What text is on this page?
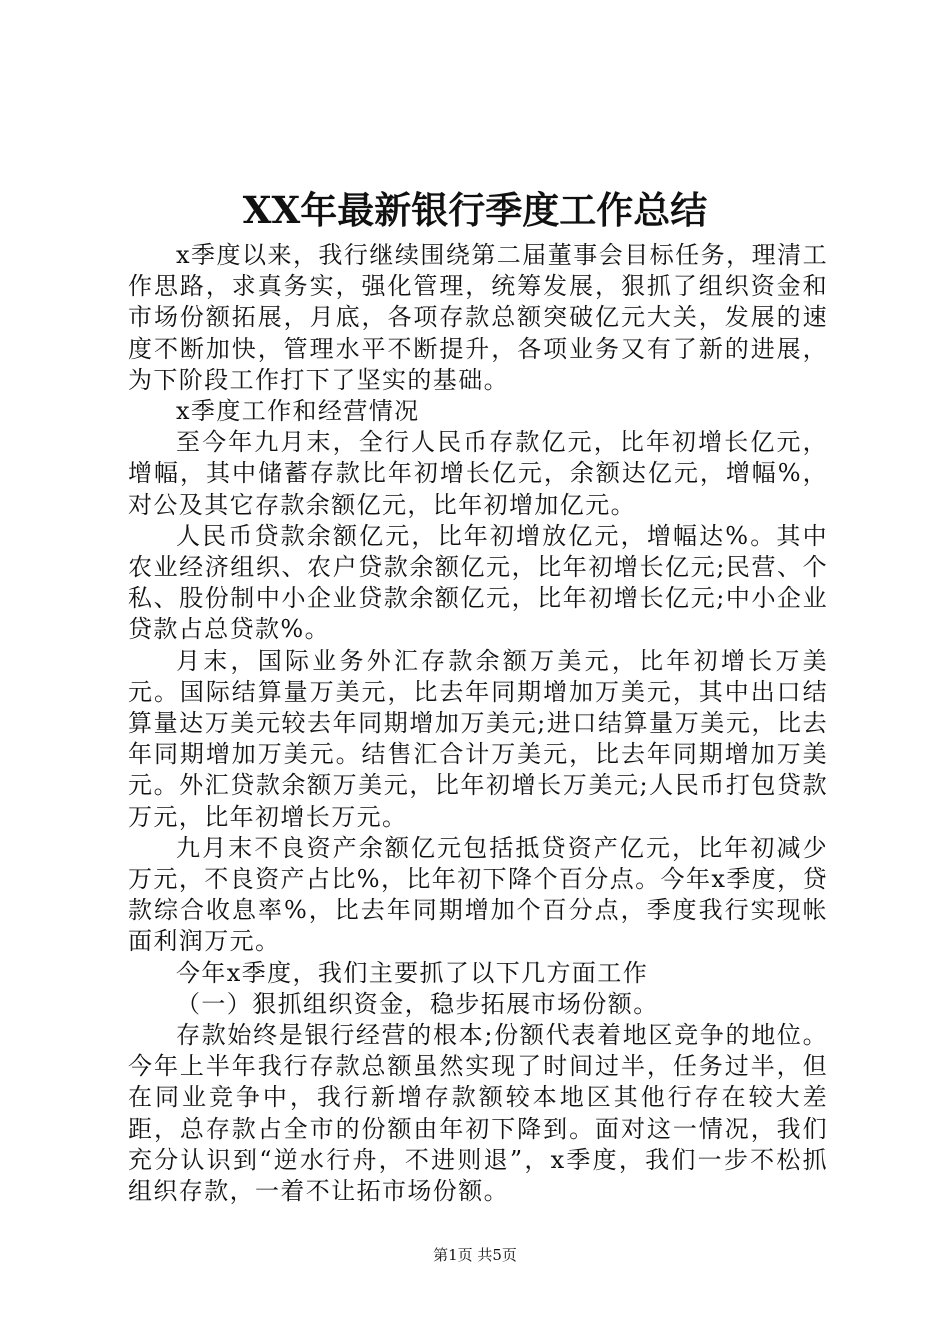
XX年最新银行季度工作总结

x季度以来，我行继续围绕第二届董事会目标任务，理清工作思路，求真务实，强化管理，统筹发展，狠抓了组织资金和市场份额拓展，月底，各项存款总额突破亿元大关，发展的速度不断加快，管理水平不断提升，各项业务又有了新的进展，为下阶段工作打下了坚实的基础。

x季度工作和经营情况

至今年九月末，全行人民币存款亿元，比年初增长亿元，增幅，其中储蓄存款比年初增长亿元，余额达亿元，增幅%，对公及其它存款余额亿元，比年初增加亿元。

人民币贷款余额亿元，比年初增放亿元，增幅达%。其中农业经济组织、农户贷款余额亿元，比年初增长亿元;民营、个私、股份制中小企业贷款余额亿元，比年初增长亿元;中小企业贷款占总贷款%。

月末，国际业务外汇存款余额万美元，比年初增长万美元。国际结算量万美元，比去年同期增加万美元，其中出口结算量达万美元较去年同期增加万美元;进口结算量万美元，比去年同期增加万美元。结售汇合计万美元，比去年同期增加万美元。外汇贷款余额万美元，比年初增长万美元;人民币打包贷款万元，比年初增长万元。

九月末不良资产余额亿元包括抵贷资产亿元，比年初减少万元，不良资产占比%，比年初下降个百分点。今年x季度，贷款综合收息率%，比去年同期增加个百分点，季度我行实现帐面利润万元。

今年x季度，我们主要抓了以下几方面工作

（一）狠抓组织资金，稳步拓展市场份额。

存款始终是银行经营的根本;份额代表着地区竞争的地位。今年上半年我行存款总额虽然实现了时间过半，任务过半，但在同业竞争中，我行新增存款额较本地区其他行存在较大差距，总存款占全市的份额由年初下降到。面对这一情况，我们充分认识到“逆水行舟，不进则退”，x季度，我们一步不松抓组织存款，一着不让拓市场份额。

第1页 共5页
